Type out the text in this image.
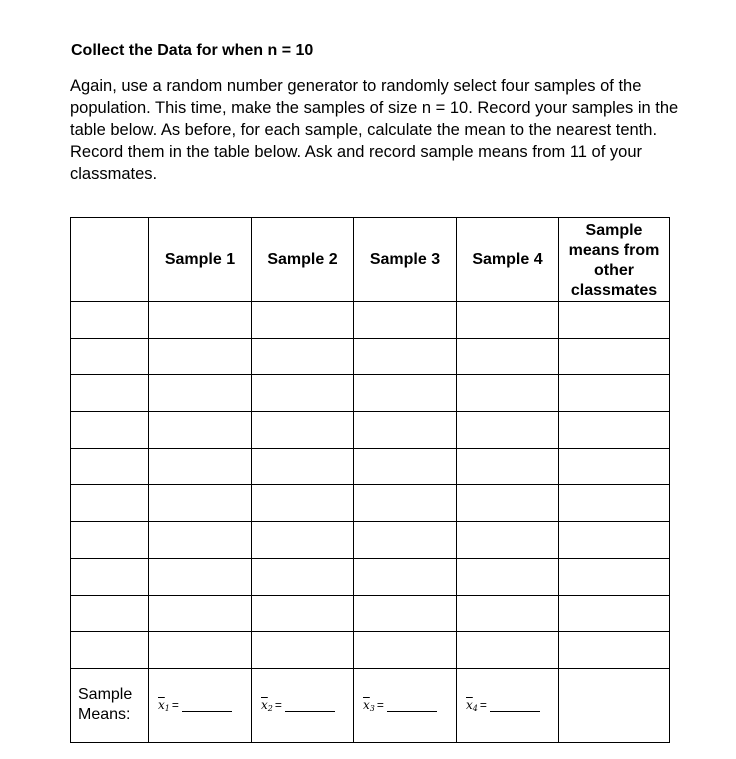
Collect the Data for when n = 10

Again, use a random number generator to randomly select four samples of the population. This time, make the samples of size n = 10. Record your samples in the table below. As before, for each sample, calculate the mean to the nearest tenth. Record them in the table below. Ask and record sample means from 11 of your classmates.

	Sample 1	Sample 2	Sample 3	Sample 4	Sample means from other classmates

Sample Means:	$\overline{x}_1$ =	$\overline{x}_2$ =	$\overline{x}_3$ =	$\overline{x}_4$ =	
